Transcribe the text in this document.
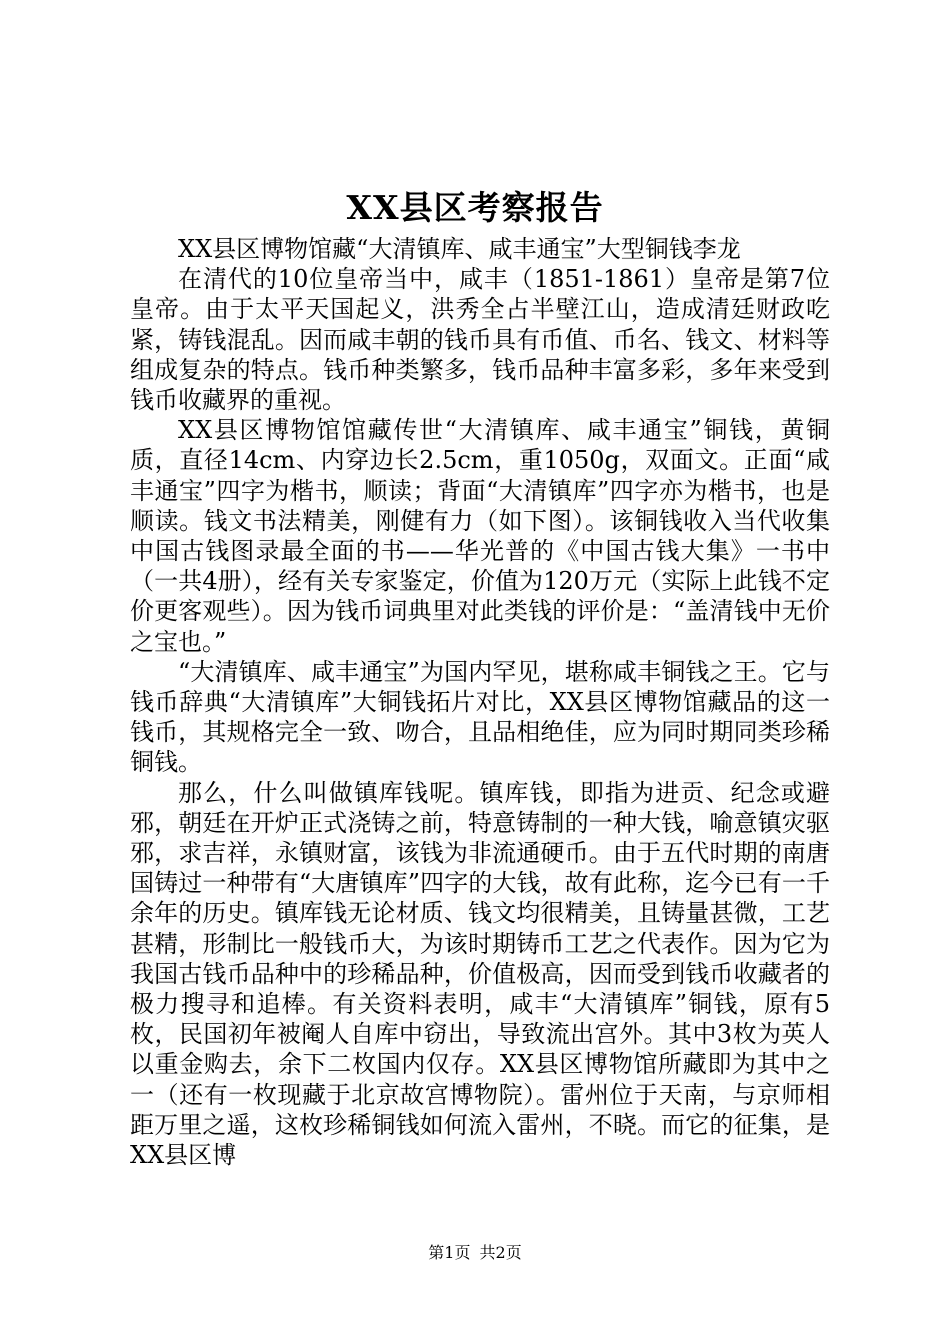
XX县区考察报告

XX县区博物馆藏“大清镇库、咸丰通宝”大型铜钱李龙

在清代的10位皇帝当中，咸丰（1851-1861）皇帝是第7位皇帝。由于太平天国起义，洪秀全占半壁江山，造成清廷财政吃紧，铸钱混乱。因而咸丰朝的钱币具有币值、币名、钱文、材料等组成复杂的特点。钱币种类繁多，钱币品种丰富多彩，多年来受到钱币收藏界的重视。

XX县区博物馆馆藏传世“大清镇库、咸丰通宝”铜钱，黄铜质，直径14cm、内穿边长2.5cm，重1050g，双面文。正面“咸丰通宝”四字为楷书，顺读；背面“大清镇库”四字亦为楷书，也是顺读。钱文书法精美，刚健有力（如下图）。该铜钱收入当代收集中国古钱图录最全面的书——华光普的《中国古钱大集》一书中（一共4册），经有关专家鉴定，价值为120万元（实际上此钱不定价更客观些）。因为钱币词典里对此类钱的评价是：“盖清钱中无价之宝也。”

“大清镇库、咸丰通宝”为国内罕见，堪称咸丰铜钱之王。它与钱币辞典“大清镇库”大铜钱拓片对比，XX县区博物馆藏品的这一钱币，其规格完全一致、吻合，且品相绝佳，应为同时期同类珍稀铜钱。

那么，什么叫做镇库钱呢。镇库钱，即指为进贡、纪念或避邪，朝廷在开炉正式浇铸之前，特意铸制的一种大钱，喻意镇灾驱邪，求吉祥，永镇财富，该钱为非流通硬币。由于五代时期的南唐国铸过一种带有“大唐镇库”四字的大钱，故有此称，迄今已有一千余年的历史。镇库钱无论材质、钱文均很精美，且铸量甚微，工艺甚精，形制比一般钱币大，为该时期铸币工艺之代表作。因为它为我国古钱币品种中的珍稀品种，价值极高，因而受到钱币收藏者的极力搜寻和追棒。有关资料表明，咸丰“大清镇库”铜钱，原有5枚，民国初年被阉人自库中窃出，导致流出宫外。其中3枚为英人以重金购去，余下二枚国内仅存。XX县区博物馆所藏即为其中之一（还有一枚现藏于北京故宫博物院）。雷州位于天南，与京师相距万里之遥，这枚珍稀铜钱如何流入雷州，不晓。而它的征集，是XX县区博

第1页 共2页
